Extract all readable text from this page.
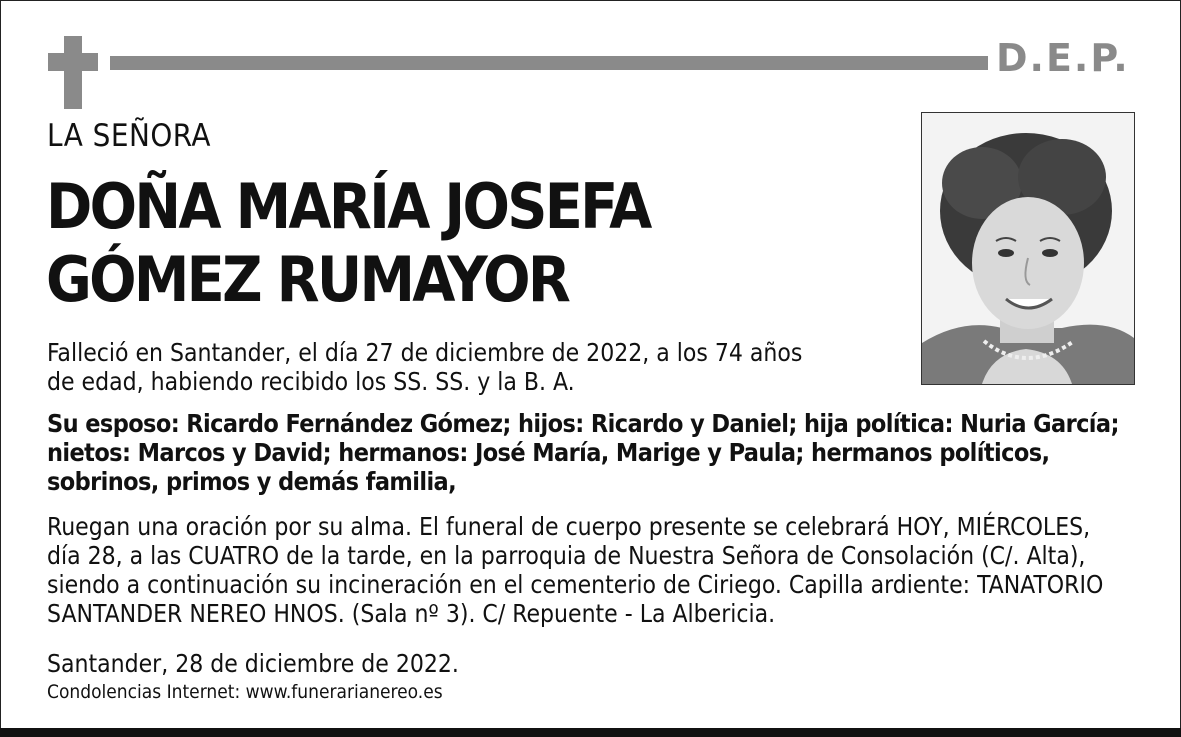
D.E.P.
LA SEÑORA
DOÑA MARÍA JOSEFA
GÓMEZ RUMAYOR

Falleció en Santander, el día 27 de diciembre de 2022, a los 74 años
de edad, habiendo recibido los SS. SS. y la B. A.

Su esposo: Ricardo Fernández Gómez; hijos: Ricardo y Daniel; hija política: Nuria García;
nietos: Marcos y David; hermanos: José María, Marige y Paula; hermanos políticos,
sobrinos, primos y demás familia,

Ruegan una oración por su alma. El funeral de cuerpo presente se celebrará HOY, MIÉRCOLES,
día 28, a las CUATRO de la tarde, en la parroquia de Nuestra Señora de Consolación (C/. Alta),
siendo a continuación su incineración en el cementerio de Ciriego. Capilla ardiente: TANATORIO
SANTANDER NEREO HNOS. (Sala nº 3). C/ Repuente - La Albericia.

Santander, 28 de diciembre de 2022.

Condolencias Internet: www.funerarianereo.es
